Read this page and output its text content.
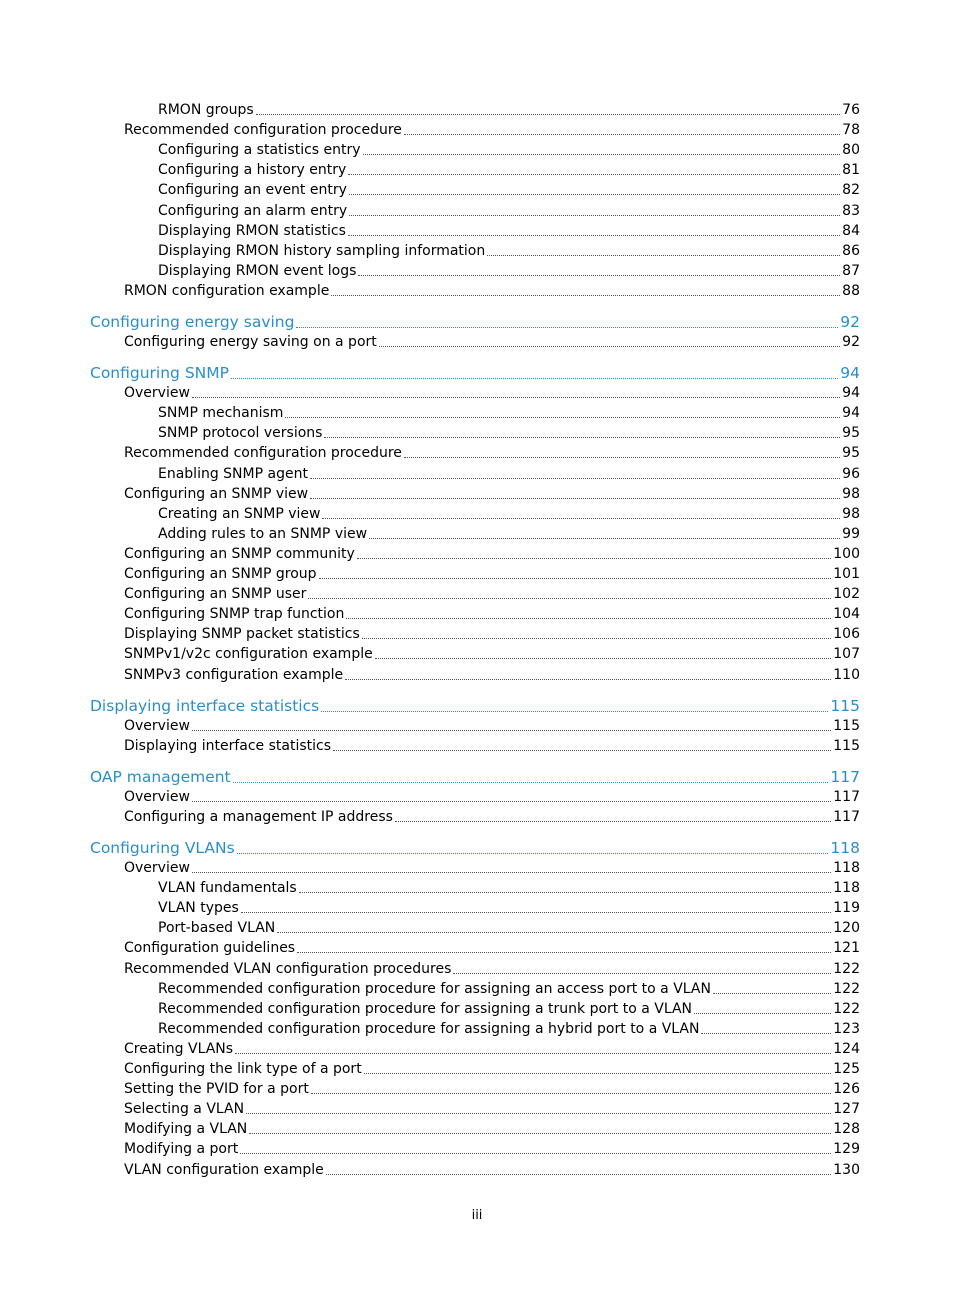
RMON groups	76
Recommended configuration procedure	78
Configuring a statistics entry	80
Configuring a history entry	81
Configuring an event entry	82
Configuring an alarm entry	83
Displaying RMON statistics	84
Displaying RMON history sampling information	86
Displaying RMON event logs	87
RMON configuration example	88
Configuring energy saving	92
Configuring energy saving on a port	92
Configuring SNMP	94
Overview	94
SNMP mechanism	94
SNMP protocol versions	95
Recommended configuration procedure	95
Enabling SNMP agent	96
Configuring an SNMP view	98
Creating an SNMP view	98
Adding rules to an SNMP view	99
Configuring an SNMP community	100
Configuring an SNMP group	101
Configuring an SNMP user	102
Configuring SNMP trap function	104
Displaying SNMP packet statistics	106
SNMPv1/v2c configuration example	107
SNMPv3 configuration example	110
Displaying interface statistics	115
Overview	115
Displaying interface statistics	115
OAP management	117
Overview	117
Configuring a management IP address	117
Configuring VLANs	118
Overview	118
VLAN fundamentals	118
VLAN types	119
Port-based VLAN	120
Configuration guidelines	121
Recommended VLAN configuration procedures	122
Recommended configuration procedure for assigning an access port to a VLAN	122
Recommended configuration procedure for assigning a trunk port to a VLAN	122
Recommended configuration procedure for assigning a hybrid port to a VLAN	123
Creating VLANs	124
Configuring the link type of a port	125
Setting the PVID for a port	126
Selecting a VLAN	127
Modifying a VLAN	128
Modifying a port	129
VLAN configuration example	130
iii
